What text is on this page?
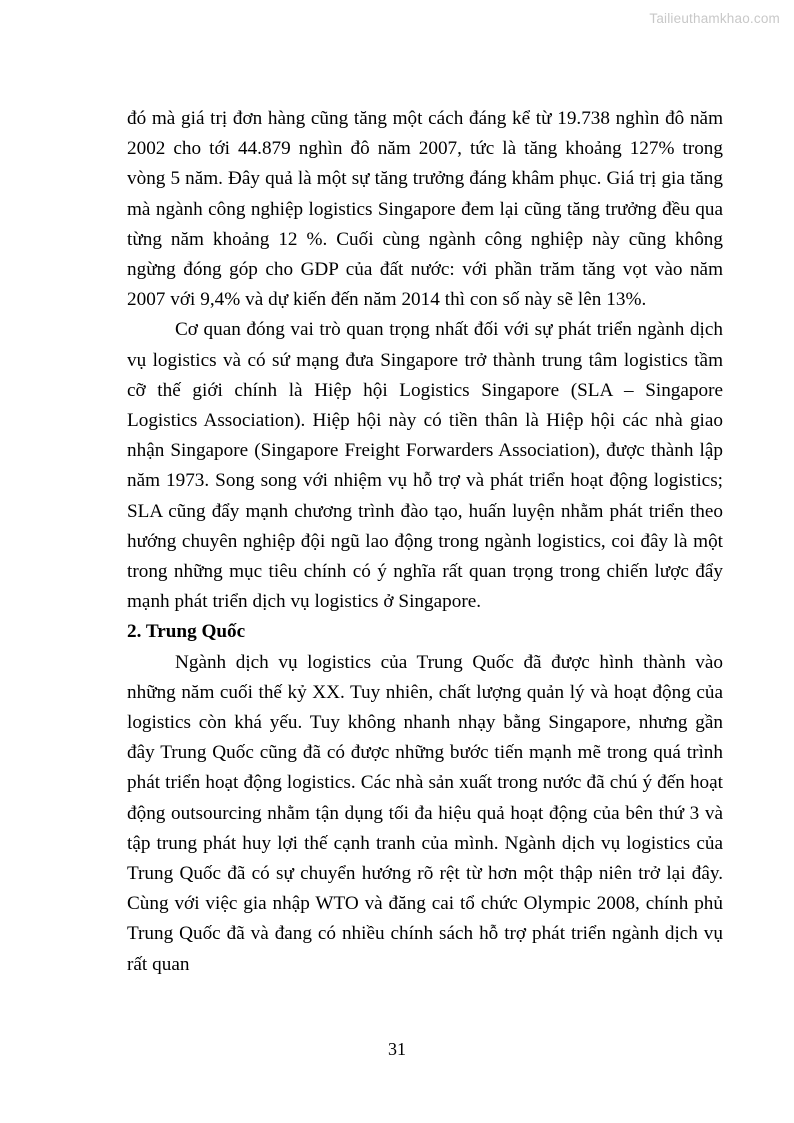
Tailieuthamkhao.com

đó mà giá trị đơn hàng cũng tăng một cách đáng kể từ 19.738 nghìn đô năm 2002 cho tới 44.879 nghìn đô năm 2007, tức là tăng khoảng 127% trong vòng 5 năm. Đây quả là một sự tăng trưởng đáng khâm phục. Giá trị gia tăng mà ngành công nghiệp logistics Singapore đem lại cũng tăng trưởng đều qua từng năm khoảng 12 %. Cuối cùng ngành công nghiệp này cũng không ngừng đóng góp cho GDP của đất nước: với phần trăm tăng vọt vào năm 2007 với 9,4% và dự kiến đến năm 2014 thì con số này sẽ lên 13%.

Cơ quan đóng vai trò quan trọng nhất đối với sự phát triển ngành dịch vụ logistics và có sứ mạng đưa Singapore trở thành trung tâm logistics tầm cỡ thế giới chính là Hiệp hội Logistics Singapore (SLA – Singapore Logistics Association). Hiệp hội này có tiền thân là Hiệp hội các nhà giao nhận Singapore (Singapore Freight Forwarders Association), được thành lập năm 1973. Song song với nhiệm vụ hỗ trợ và phát triển hoạt động logistics; SLA cũng đẩy mạnh chương trình đào tạo, huấn luyện nhằm phát triển theo hướng chuyên nghiệp đội ngũ lao động trong ngành logistics, coi đây là một trong những mục tiêu chính có ý nghĩa rất quan trọng trong chiến lược đẩy mạnh phát triển dịch vụ logistics ở Singapore.

2. Trung Quốc

Ngành dịch vụ logistics của Trung Quốc đã được hình thành vào những năm cuối thế kỷ XX. Tuy nhiên, chất lượng quản lý và hoạt động của logistics còn khá yếu. Tuy không nhanh nhạy bằng Singapore, nhưng gần đây Trung Quốc cũng đã có được những bước tiến mạnh mẽ trong quá trình phát triển hoạt động logistics. Các nhà sản xuất trong nước đã chú ý đến hoạt động outsourcing nhằm tận dụng tối đa hiệu quả hoạt động của bên thứ 3 và tập trung phát huy lợi thế cạnh tranh của mình. Ngành dịch vụ logistics của Trung Quốc đã có sự chuyển hướng rõ rệt từ hơn một thập niên trở lại đây. Cùng với việc gia nhập WTO và đăng cai tổ chức Olympic 2008, chính phủ Trung Quốc đã và đang có nhiều chính sách hỗ trợ phát triển ngành dịch vụ rất quan

31
